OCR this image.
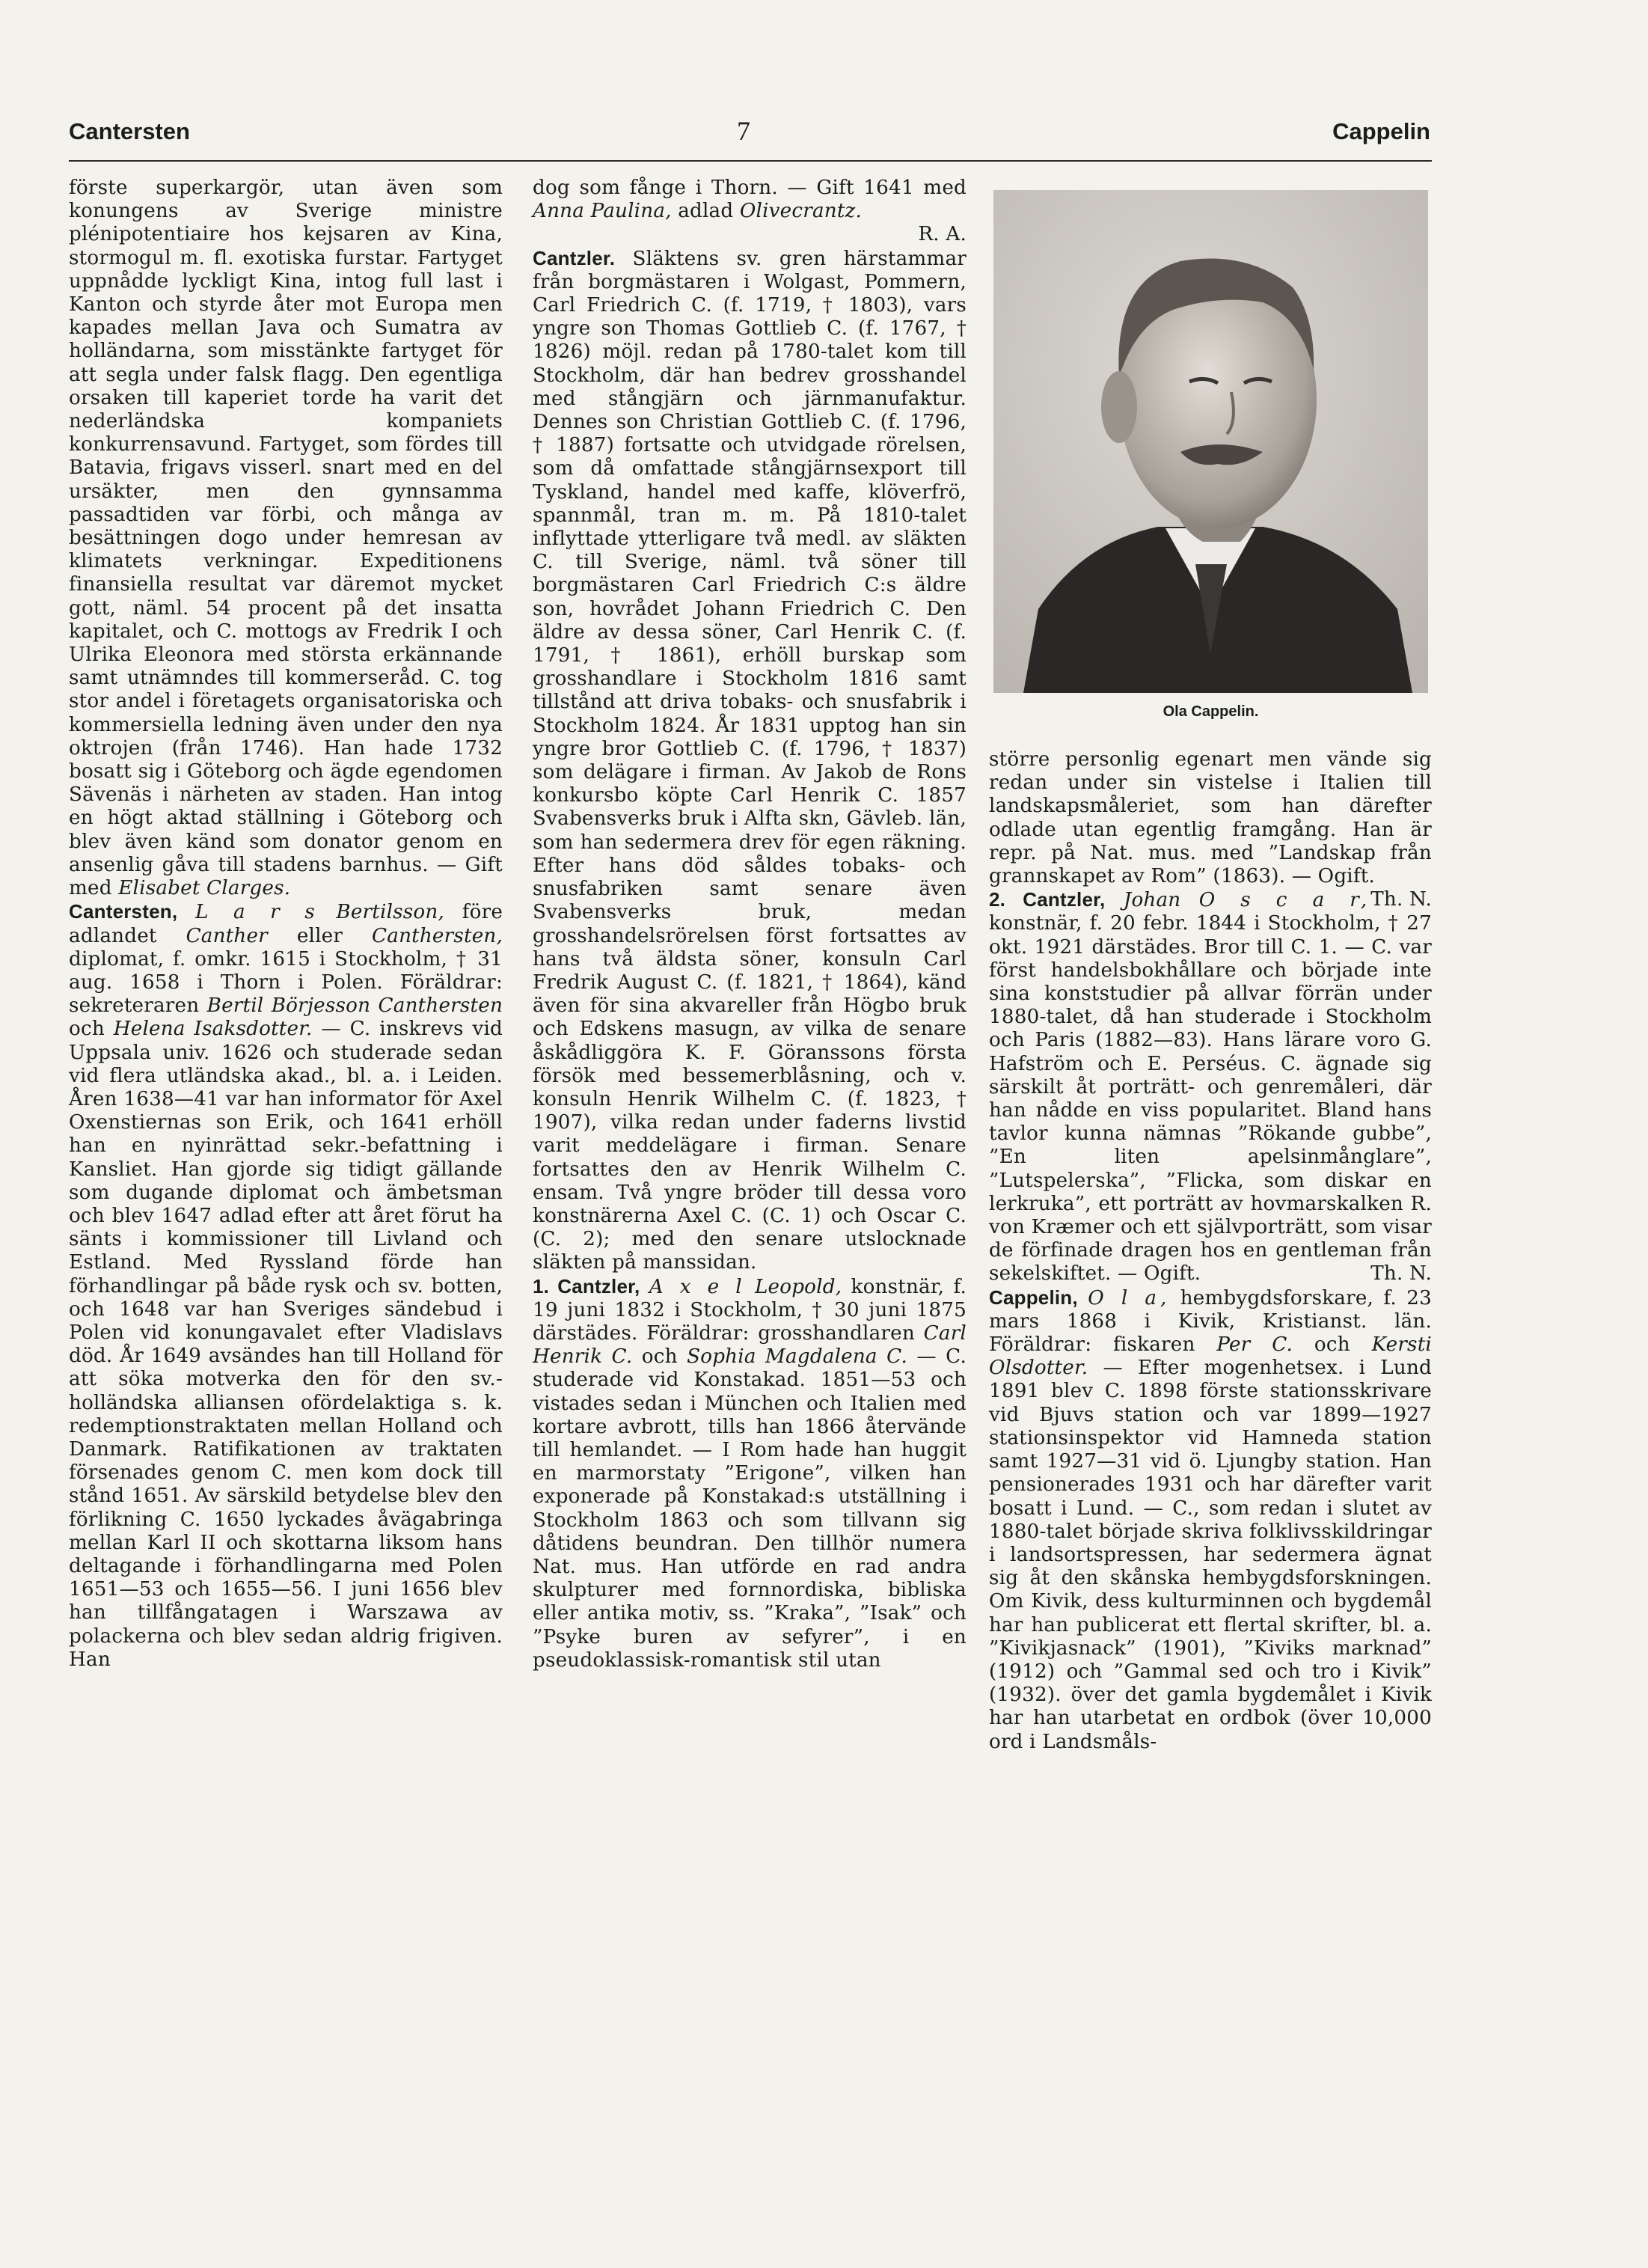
Cantersten	7	Cappelin

förste superkargör, utan även som konungens av Sverige ministre plénipotentiaire hos kejsaren av Kina, stormogul m. fl. exotiska furstar. Fartyget uppnådde lyckligt Kina, intog full last i Kanton och styrde åter mot Europa men kapades mellan Java och Sumatra av holländarna, som misstänkte fartyget för att segla under falsk flagg. Den egentliga orsaken till kaperiet torde ha varit det nederländska kompaniets konkurrensavund. Fartyget, som fördes till Batavia, frigavs visserl. snart med en del ursäkter, men den gynnsamma passadtiden var förbi, och många av besättningen dogo under hemresan av klimatets verkningar. Expeditionens finansiella resultat var däremot mycket gott, näml. 54 procent på det insatta kapitalet, och C. mottogs av Fredrik I och Ulrika Eleonora med största erkännande samt utnämndes till kommerseråd. C. tog stor andel i företagets organisatoriska och kommersiella ledning även under den nya oktrojen (från 1746). Han hade 1732 bosatt sig i Göteborg och ägde egendomen Sävenäs i närheten av staden. Han intog en högt aktad ställning i Göteborg och blev även känd som donator genom en ansenlig gåva till stadens barnhus. — Gift med Elisabet Clarges.

Cantersten, L a r s Bertilsson, före adlandet Canther eller Canthersten, diplomat, f. omkr. 1615 i Stockholm, † 31 aug. 1658 i Thorn i Polen. Föräldrar: sekreteraren Bertil Börjesson Canthersten och Helena Isaksdotter. — C. inskrevs vid Uppsala univ. 1626 och studerade sedan vid flera utländska akad., bl. a. i Leiden. Åren 1638—41 var han informator för Axel Oxenstiernas son Erik, och 1641 erhöll han en nyinrättad sekr.-befattning i Kansliet. Han gjorde sig tidigt gällande som dugande diplomat och ämbetsman och blev 1647 adlad efter att året förut ha sänts i kommissioner till Livland och Estland. Med Ryssland förde han förhandlingar på både rysk och sv. botten, och 1648 var han Sveriges sändebud i Polen vid konungavalet efter Vladislavs död. År 1649 avsändes han till Holland för att söka motverka den för den sv.-holländska alliansen ofördelaktiga s. k. redemptionstraktaten mellan Holland och Danmark. Ratifikationen av traktaten försenades genom C. men kom dock till stånd 1651. Av särskild betydelse blev den förlikning C. 1650 lyckades åvägabringa mellan Karl II och skottarna liksom hans deltagande i förhandlingarna med Polen 1651—53 och 1655—56. I juni 1656 blev han tillfångatagen i Warszawa av polackerna och blev sedan aldrig frigiven. Han

dog som fånge i Thorn. — Gift 1641 med Anna Paulina, adlad Olivecrantz.
R. A.

Cantzler. Släktens sv. gren härstammar från borgmästaren i Wolgast, Pommern, Carl Friedrich C. (f. 1719, † 1803), vars yngre son Thomas Gottlieb C. (f. 1767, † 1826) möjl. redan på 1780-talet kom till Stockholm, där han bedrev grosshandel med stångjärn och järnmanufaktur. Dennes son Christian Gottlieb C. (f. 1796, † 1887) fortsatte och utvidgade rörelsen, som då omfattade stångjärnsexport till Tyskland, handel med kaffe, klöverfrö, spannmål, tran m. m. På 1810-talet inflyttade ytterligare två medl. av släkten C. till Sverige, näml. två söner till borgmästaren Carl Friedrich C:s äldre son, hovrådet Johann Friedrich C. Den äldre av dessa söner, Carl Henrik C. (f. 1791, † 1861), erhöll burskap som grosshandlare i Stockholm 1816 samt tillstånd att driva tobaks- och snusfabrik i Stockholm 1824. År 1831 upptog han sin yngre bror Gottlieb C. (f. 1796, † 1837) som delägare i firman. Av Jakob de Rons konkursbo köpte Carl Henrik C. 1857 Svabensverks bruk i Alfta skn, Gävleb. län, som han sedermera drev för egen räkning. Efter hans död såldes tobaks- och snusfabriken samt senare även Svabensverks bruk, medan grosshandelsrörelsen först fortsattes av hans två äldsta söner, konsuln Carl Fredrik August C. (f. 1821, † 1864), känd även för sina akvareller från Högbo bruk och Edskens masugn, av vilka de senare åskådliggöra K. F. Göranssons första försök med bessemerblåsning, och v. konsuln Henrik Wilhelm C. (f. 1823, † 1907), vilka redan under faderns livstid varit meddelägare i firman. Senare fortsattes den av Henrik Wilhelm C. ensam. Två yngre bröder till dessa voro konstnärerna Axel C. (C. 1) och Oscar C. (C. 2); med den senare utslocknade släkten på manssidan.

1. Cantzler, A x e l Leopold, konstnär, f. 19 juni 1832 i Stockholm, † 30 juni 1875 därstädes. Föräldrar: grosshandlaren Carl Henrik C. och Sophia Magdalena C. — C. studerade vid Konstakad. 1851—53 och vistades sedan i München och Italien med kortare avbrott, tills han 1866 återvände till hemlandet. — I Rom hade han huggit en marmorstaty ”Erigone”, vilken han exponerade på Konstakad:s utställning i Stockholm 1863 och som tillvann sig dåtidens beundran. Den tillhör numera Nat. mus. Han utförde en rad andra skulpturer med fornnordiska, bibliska eller antika motiv, ss. ”Kraka”, ”Isak” och ”Psyke buren av sefyrer”, i en pseudoklassisk-romantisk stil utan

Ola Cappelin.

större personlig egenart men vände sig redan under sin vistelse i Italien till landskapsmåleriet, som han därefter odlade utan egentlig framgång. Han är repr. på Nat. mus. med ”Landskap från grannskapet av Rom” (1863). — Ogift.
Th. N.

2. Cantzler, Johan O s c a r, konstnär, f. 20 febr. 1844 i Stockholm, † 27 okt. 1921 därstädes. Bror till C. 1. — C. var först handelsbokhållare och började inte sina konststudier på allvar förrän under 1880-talet, då han studerade i Stockholm och Paris (1882—83). Hans lärare voro G. Hafström och E. Perséus. C. ägnade sig särskilt åt porträtt- och genremåleri, där han nådde en viss popularitet. Bland hans tavlor kunna nämnas ”Rökande gubbe”, ”En liten apelsinmånglare”, ”Lutspelerska”, ”Flicka, som diskar en lerkruka”, ett porträtt av hovmarskalken R. von Kræmer och ett självporträtt, som visar de förfinade dragen hos en gentleman från sekelskiftet. — Ogift.	Th. N.

Cappelin, O l a, hembygdsforskare, f. 23 mars 1868 i Kivik, Kristianst. län. Föräldrar: fiskaren Per C. och Kersti Olsdotter. — Efter mogenhetsex. i Lund 1891 blev C. 1898 förste stationsskrivare vid Bjuvs station och var 1899—1927 stationsinspektor vid Hamneda station samt 1927—31 vid ö. Ljungby station. Han pensionerades 1931 och har därefter varit bosatt i Lund. — C., som redan i slutet av 1880-talet började skriva folklivsskildringar i landsortspressen, har sedermera ägnat sig åt den skånska hembygdsforskningen. Om Kivik, dess kulturminnen och bygdemål har han publicerat ett flertal skrifter, bl. a. ”Kivikjasnack” (1901), ”Kiviks marknad” (1912) och ”Gammal sed och tro i Kivik” (1932). över det gamla bygdemålet i Kivik har han utarbetat en ordbok (över 10,000 ord i Landsmåls-
